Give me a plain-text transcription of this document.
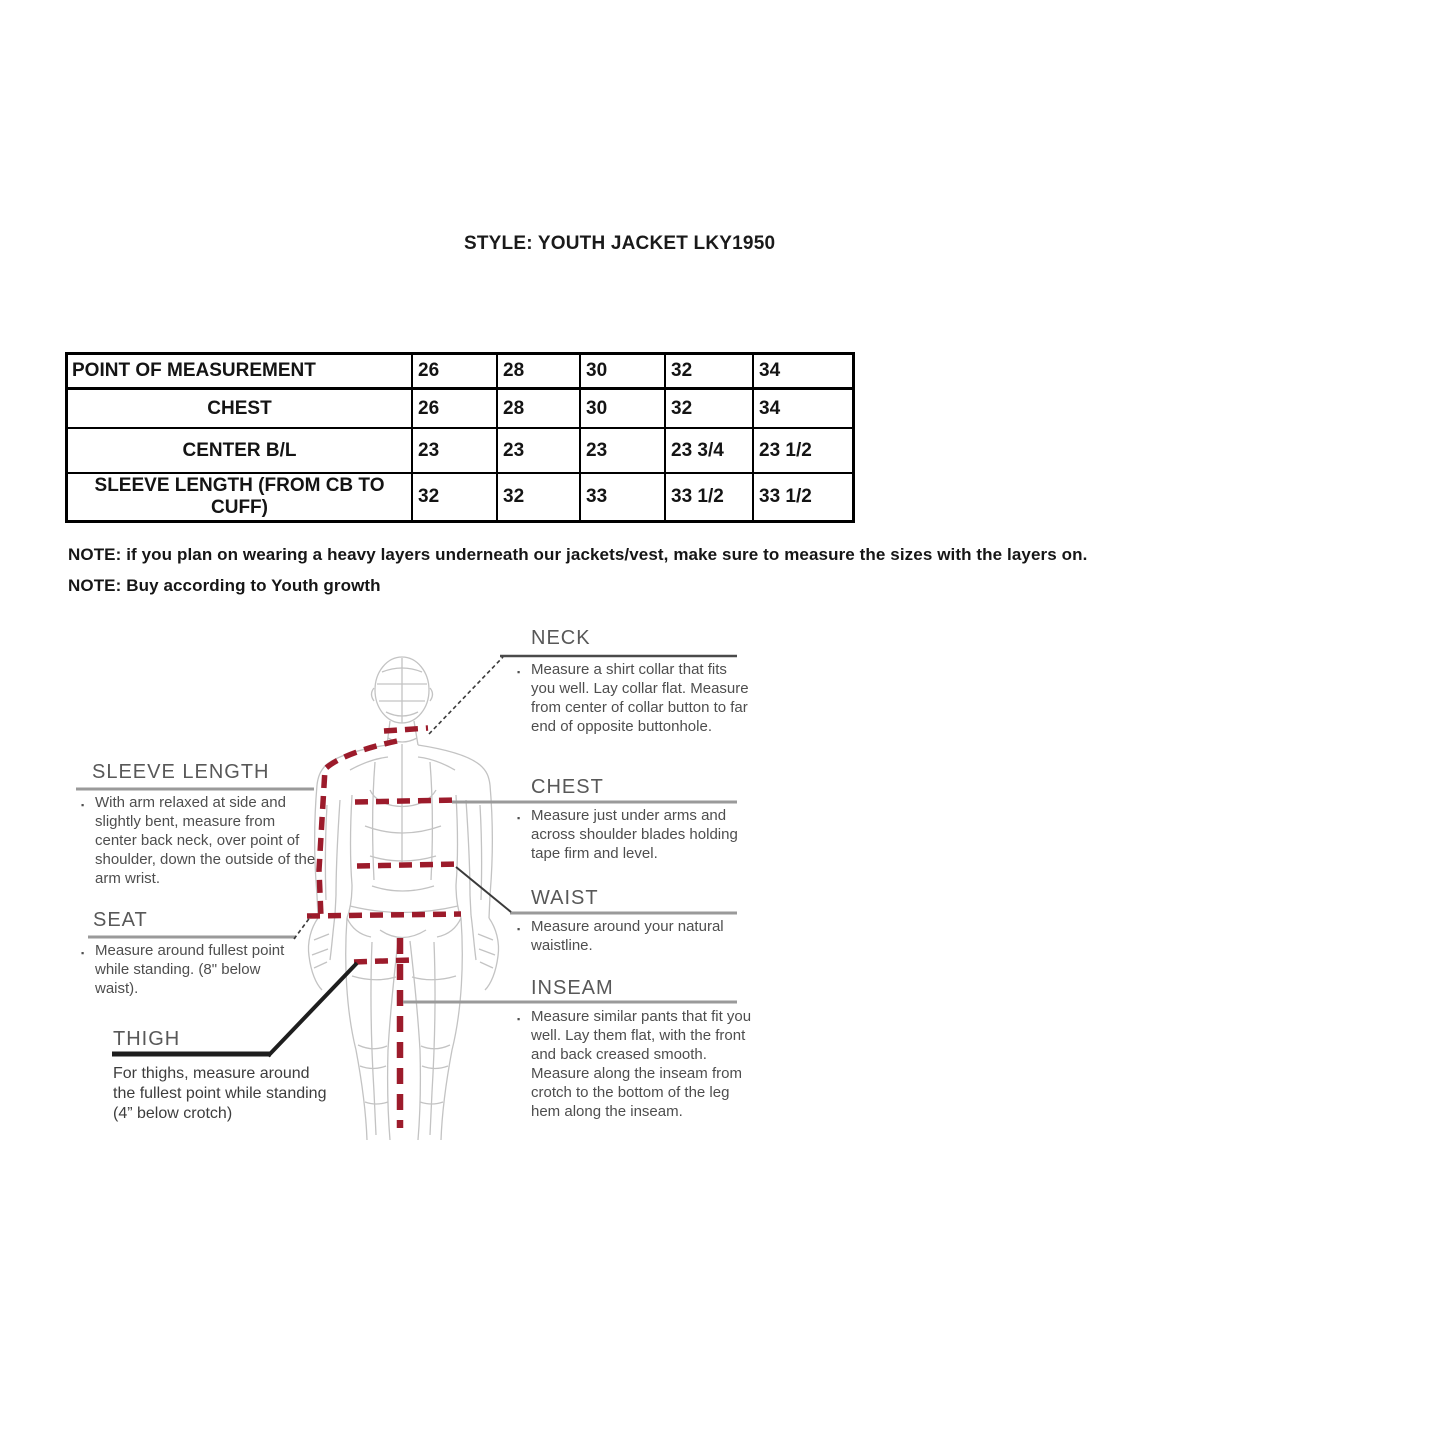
STYLE: YOUTH JACKET LKY1950
POINT OF MEASUREMENT	26	28	30	32	34
CHEST	26	28	30	32	34
CENTER B/L	23	23	23	23 3/4	23 1/2
SLEEVE LENGTH (FROM CB TO CUFF)	32	32	33	33 1/2	33 1/2
NOTE: if you plan on wearing a heavy layers underneath our jackets/vest, make sure to measure the sizes with the layers on.
NOTE: Buy according to Youth growth
NECK
▪ Measure a shirt collar that fits you well. Lay collar flat. Measure from center of collar button to far end of opposite buttonhole.
SLEEVE LENGTH
▪ With arm relaxed at side and slightly bent, measure from center back neck, over point of shoulder, down the outside of the arm wrist.
CHEST
▪ Measure just under arms and across shoulder blades holding tape firm and level.
WAIST
▪ Measure around your natural waistline.
SEAT
▪ Measure around fullest point while standing. (8" below waist).	INSEAM
▪ Measure similar pants that fit you well. Lay them flat, with the front and back creased smooth. Measure along the inseam from crotch to the bottom of the leg hem along the inseam.
THIGH
For thighs, measure around the fullest point while standing (4” below crotch)
